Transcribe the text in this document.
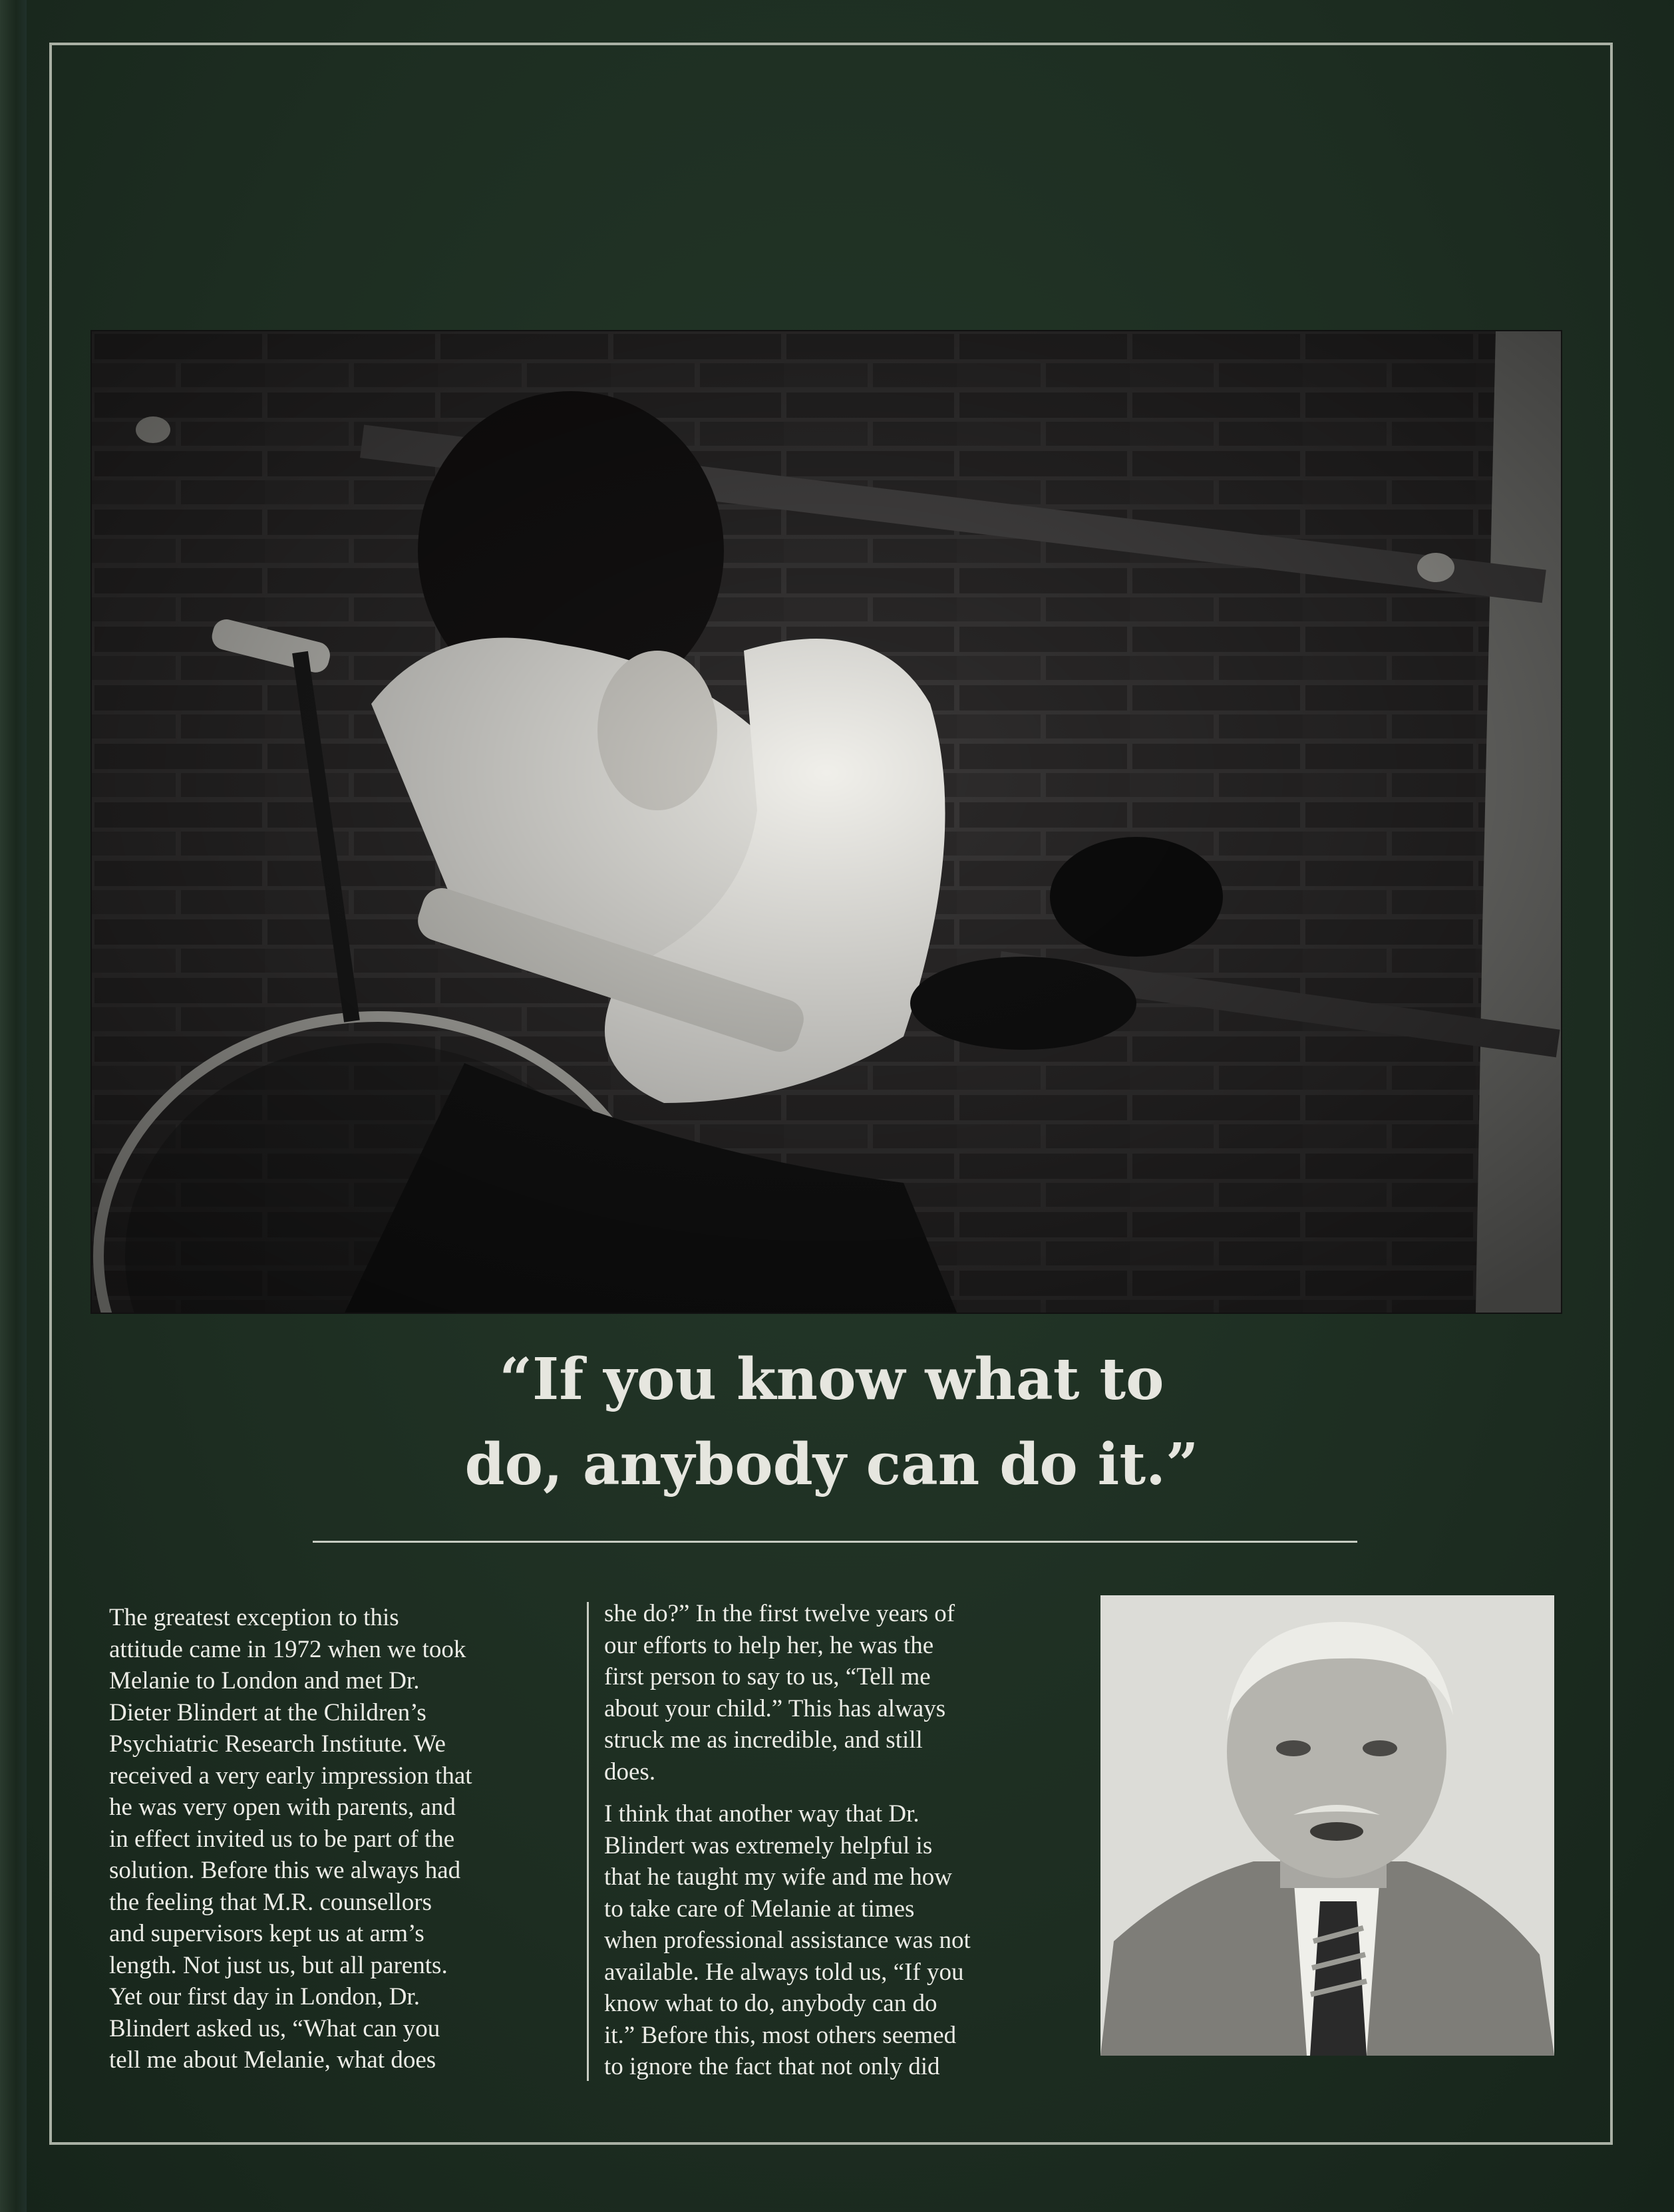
“If you know what to
do, anybody can do it.”

The greatest exception to this
attitude came in 1972 when we took
Melanie to London and met Dr.
Dieter Blindert at the Children’s
Psychiatric Research Institute. We
received a very early impression that
he was very open with parents, and
in effect invited us to be part of the
solution. Before this we always had
the feeling that M.R. counsellors
and supervisors kept us at arm’s
length. Not just us, but all parents.
Yet our first day in London, Dr.
Blindert asked us, “What can you
tell me about Melanie, what does

she do?” In the first twelve years of
our efforts to help her, he was the
first person to say to us, “Tell me
about your child.” This has always
struck me as incredible, and still
does.

I think that another way that Dr.
Blindert was extremely helpful is
that he taught my wife and me how
to take care of Melanie at times
when professional assistance was not
available. He always told us, “If you
know what to do, anybody can do
it.” Before this, most others seemed
to ignore the fact that not only did
